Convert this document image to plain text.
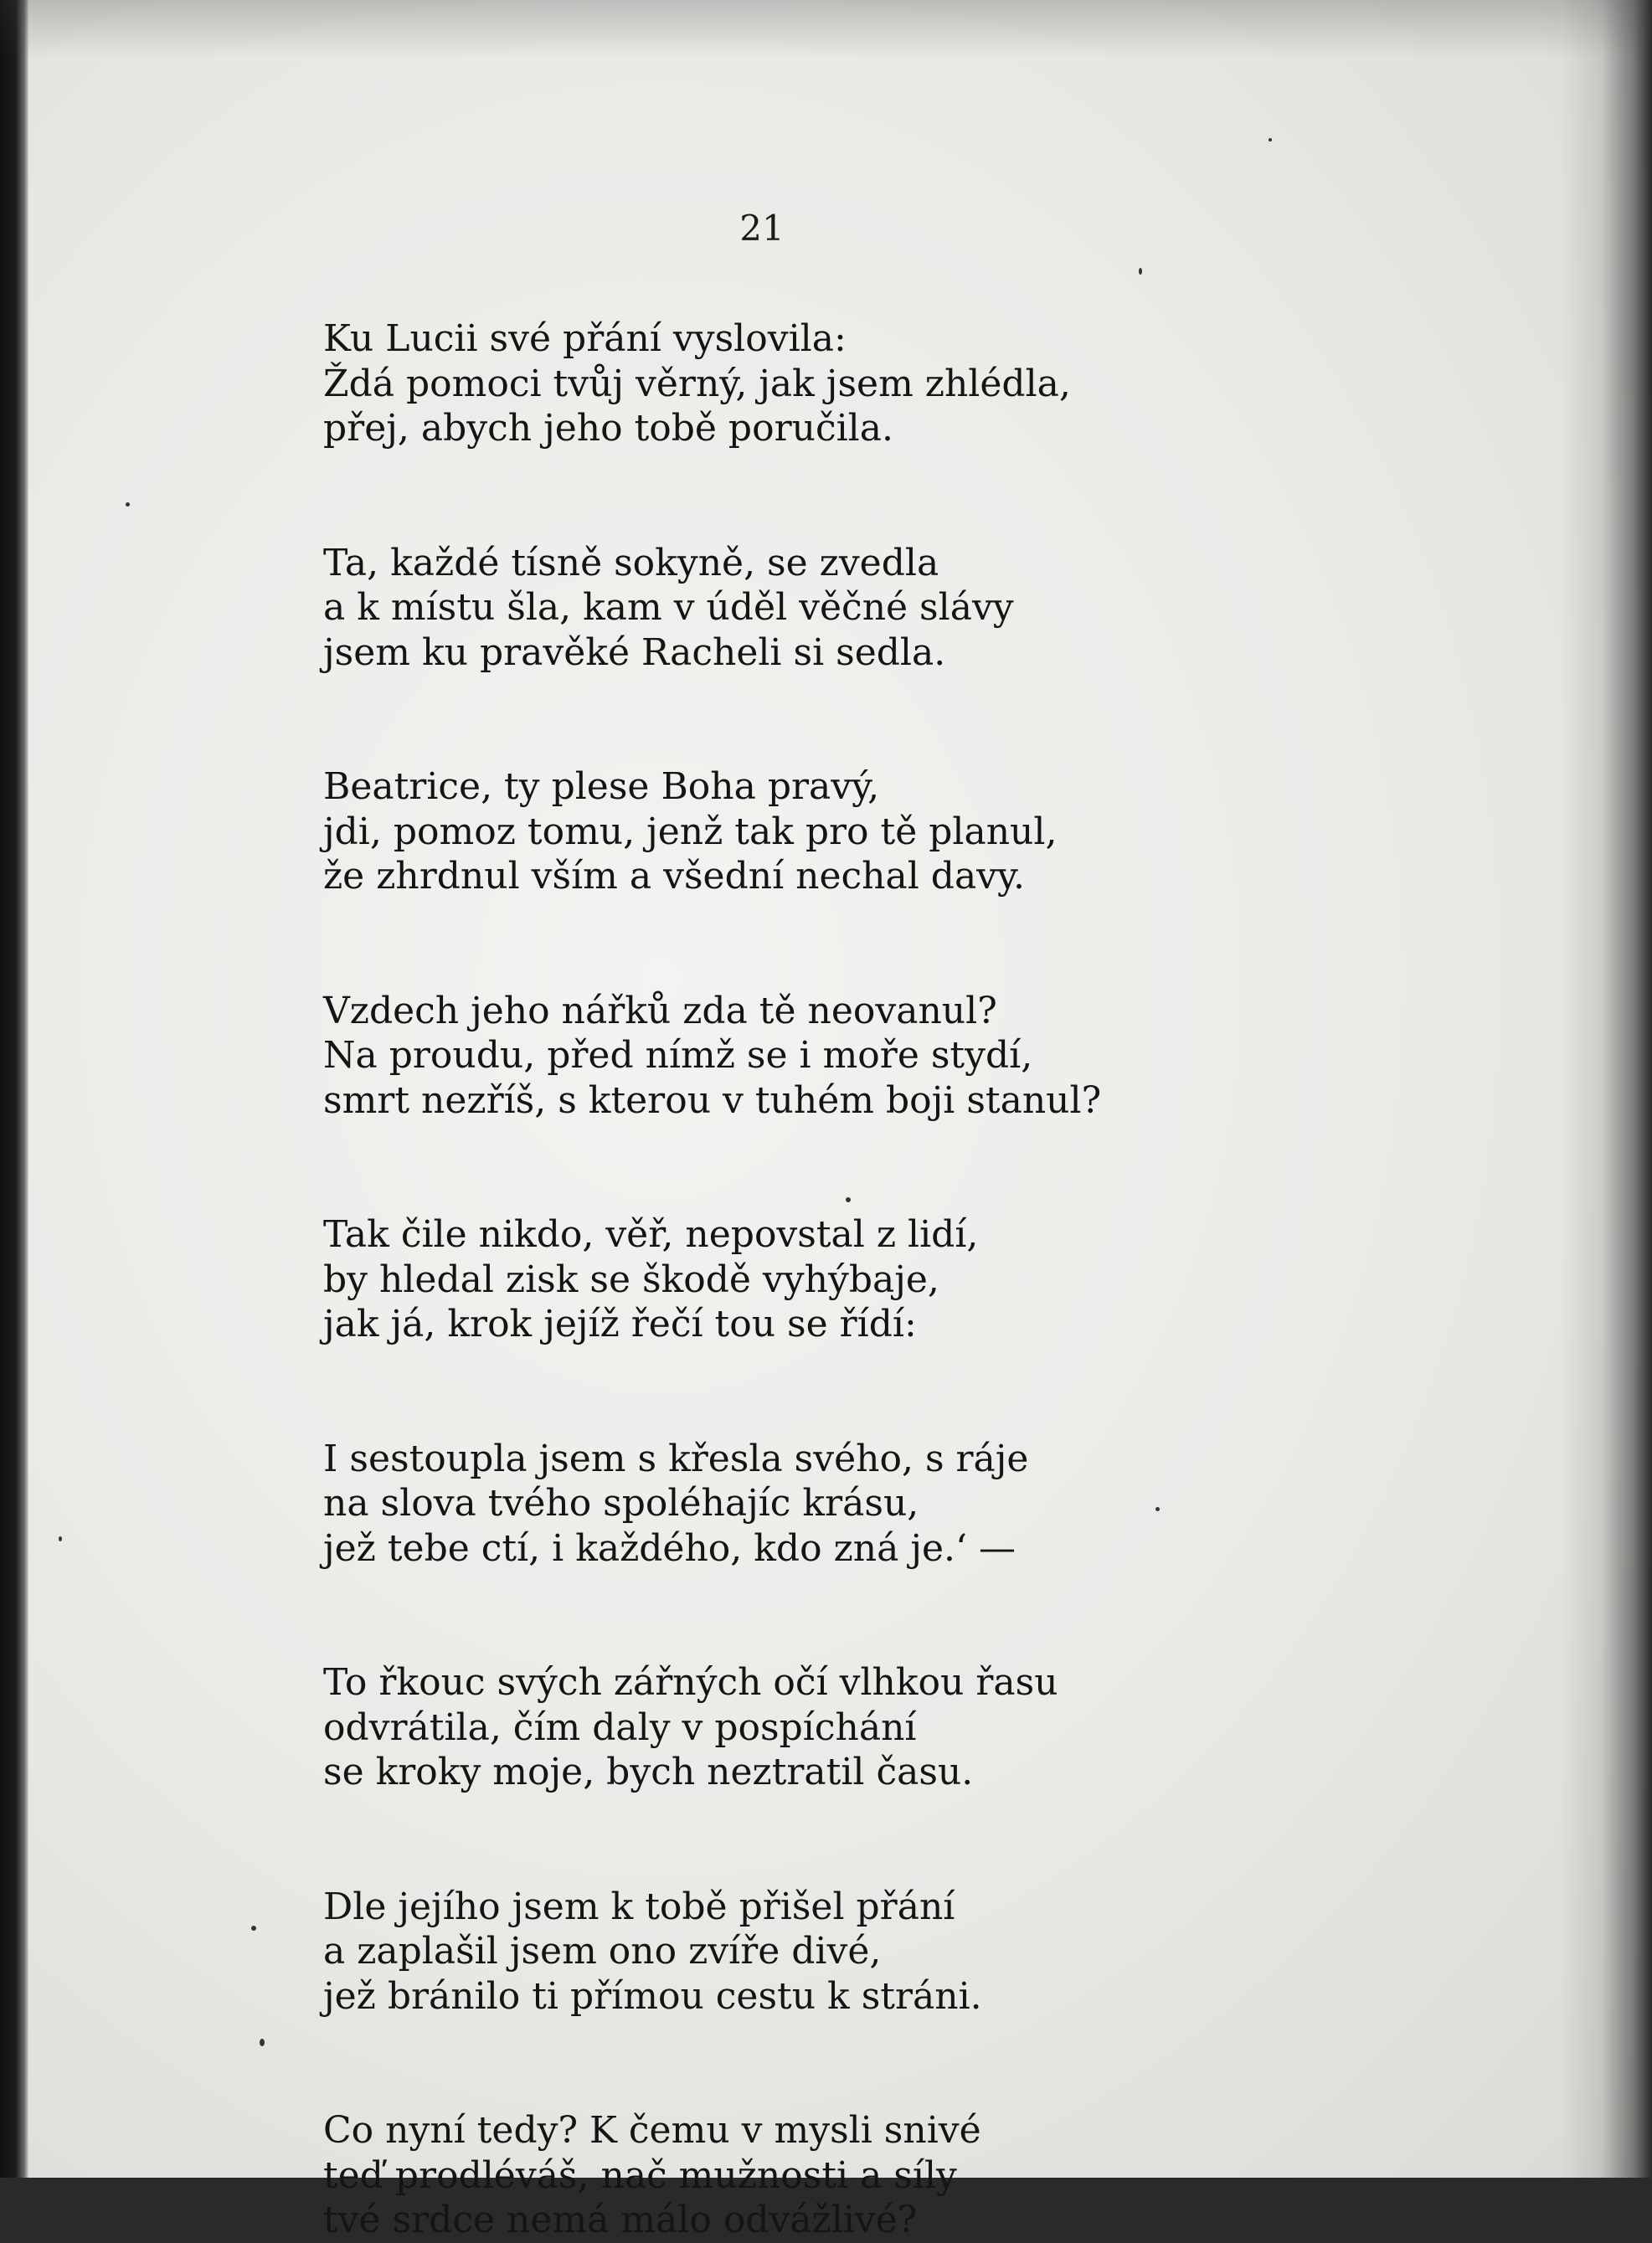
21
Ku Lucii své přání vyslovila:
Ždá pomoci tvůj věrný, jak jsem zhlédla,
přej, abych jeho tobě poručila.
Ta, každé tísně sokyně, se zvedla
a k místu šla, kam v úděl věčné slávy
jsem ku pravěké Racheli si sedla.
Beatrice, ty plese Boha pravý,
jdi, pomoz tomu, jenž tak pro tě planul,
že zhrdnul vším a všední nechal davy.
Vzdech jeho nářků zda tě neovanul?
Na proudu, před nímž se i moře stydí,
smrt nezříš, s kterou v tuhém boji stanul?
Tak čile nikdo, věř, nepovstal z lidí,
by hledal zisk se škodě vyhýbaje,
jak já, krok jejíž řečí tou se řídí:
I sestoupla jsem s křesla svého, s ráje
na slova tvého spoléhajíc krásu,
jež tebe ctí, i každého, kdo zná je.‘ —
To řkouc svých zářných očí vlhkou řasu
odvrátila, čím daly v pospíchání
se kroky moje, bych neztratil času.
Dle jejího jsem k tobě přišel přání
a zaplašil jsem ono zvíře divé,
jež bránilo ti přímou cestu k stráni.
Co nyní tedy? K čemu v mysli snivé
teď prodléváš, nač mužnosti a síly
tvé srdce nemá málo odvážlivé?
